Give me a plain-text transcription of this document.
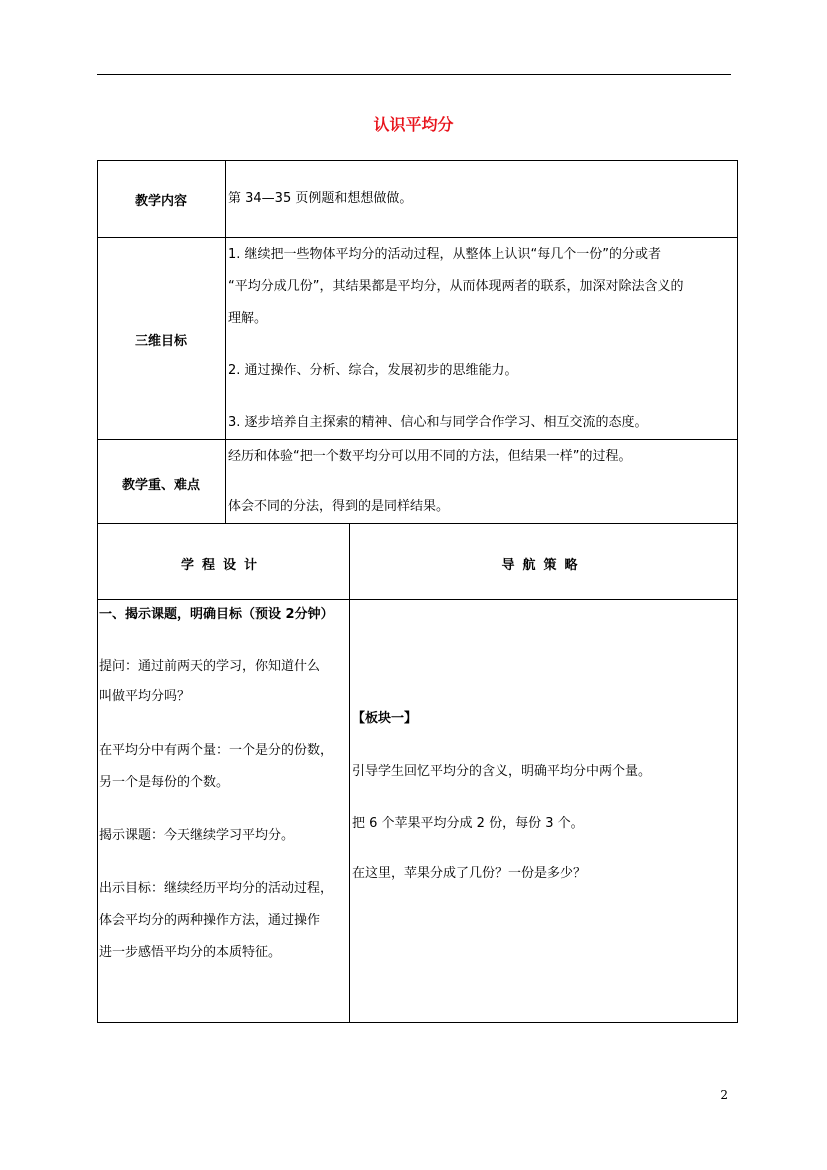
认识平均分
教学内容	第 34—35 页例题和想想做做。
三维目标
1. 继续把一些物体平均分的活动过程，从整体上认识“每几个一份”的分或者
“平均分成几份”，其结果都是平均分，从而体现两者的联系，加深对除法含义的
理解。
2. 通过操作、分析、综合，发展初步的思维能力。
3. 逐步培养自主探索的精神、信心和与同学合作学习、相互交流的态度。
教学重、难点
经历和体验“把一个数平均分可以用不同的方法，但结果一样”的过程。
体会不同的分法，得到的是同样结果。
学程设计	导航策略
一、揭示课题，明确目标（预设 2分钟）
提问：通过前两天的学习，你知道什么
叫做平均分吗？
在平均分中有两个量：一个是分的份数，
另一个是每份的个数。
揭示课题：今天继续学习平均分。
出示目标：继续经历平均分的活动过程，
体会平均分的两种操作方法，通过操作
进一步感悟平均分的本质特征。
【板块一】
引导学生回忆平均分的含义，明确平均分中两个量。
把 6 个苹果平均分成 2 份，每份 3 个。
在这里，苹果分成了几份？一份是多少？
2
